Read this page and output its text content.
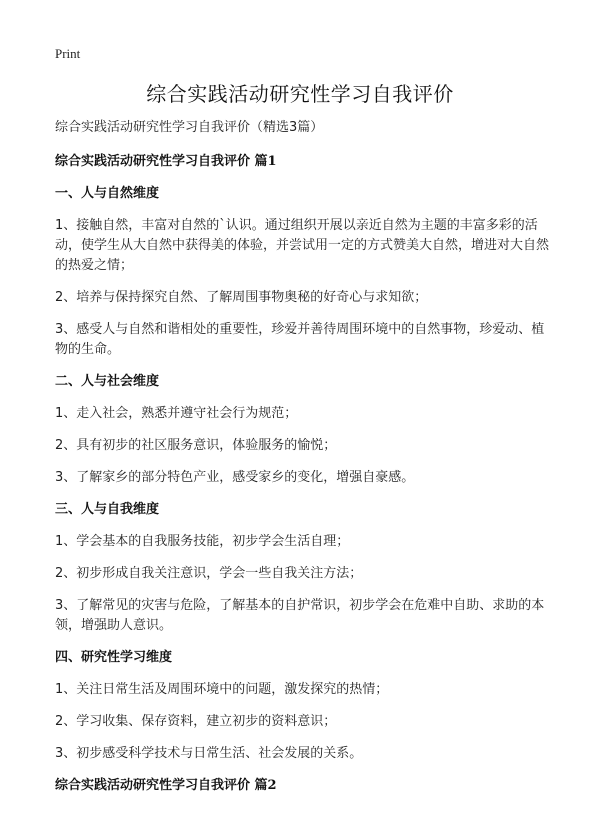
Print
综合实践活动研究性学习自我评价

综合实践活动研究性学习自我评价（精选3篇）

综合实践活动研究性学习自我评价 篇1

一、人与自然维度

1、接触自然，丰富对自然的`认识。通过组织开展以亲近自然为主题的丰富多彩的活动，使学生从大自然中获得美的体验，并尝试用一定的方式赞美大自然，增进对大自然的热爱之情；

2、培养与保持探究自然、了解周围事物奥秘的好奇心与求知欲；

3、感受人与自然和谐相处的重要性，珍爱并善待周围环境中的自然事物，珍爱动、植物的生命。

二、人与社会维度

1、走入社会，熟悉并遵守社会行为规范；

2、具有初步的社区服务意识，体验服务的愉悦；

3、了解家乡的部分特色产业，感受家乡的变化，增强自豪感。

三、人与自我维度

1、学会基本的自我服务技能，初步学会生活自理；

2、初步形成自我关注意识，学会一些自我关注方法；

3、了解常见的灾害与危险，了解基本的自护常识，初步学会在危难中自助、求助的本领，增强助人意识。

四、研究性学习维度

1、关注日常生活及周围环境中的问题，激发探究的热情；

2、学习收集、保存资料，建立初步的资料意识；

3、初步感受科学技术与日常生活、社会发展的关系。

综合实践活动研究性学习自我评价 篇2
